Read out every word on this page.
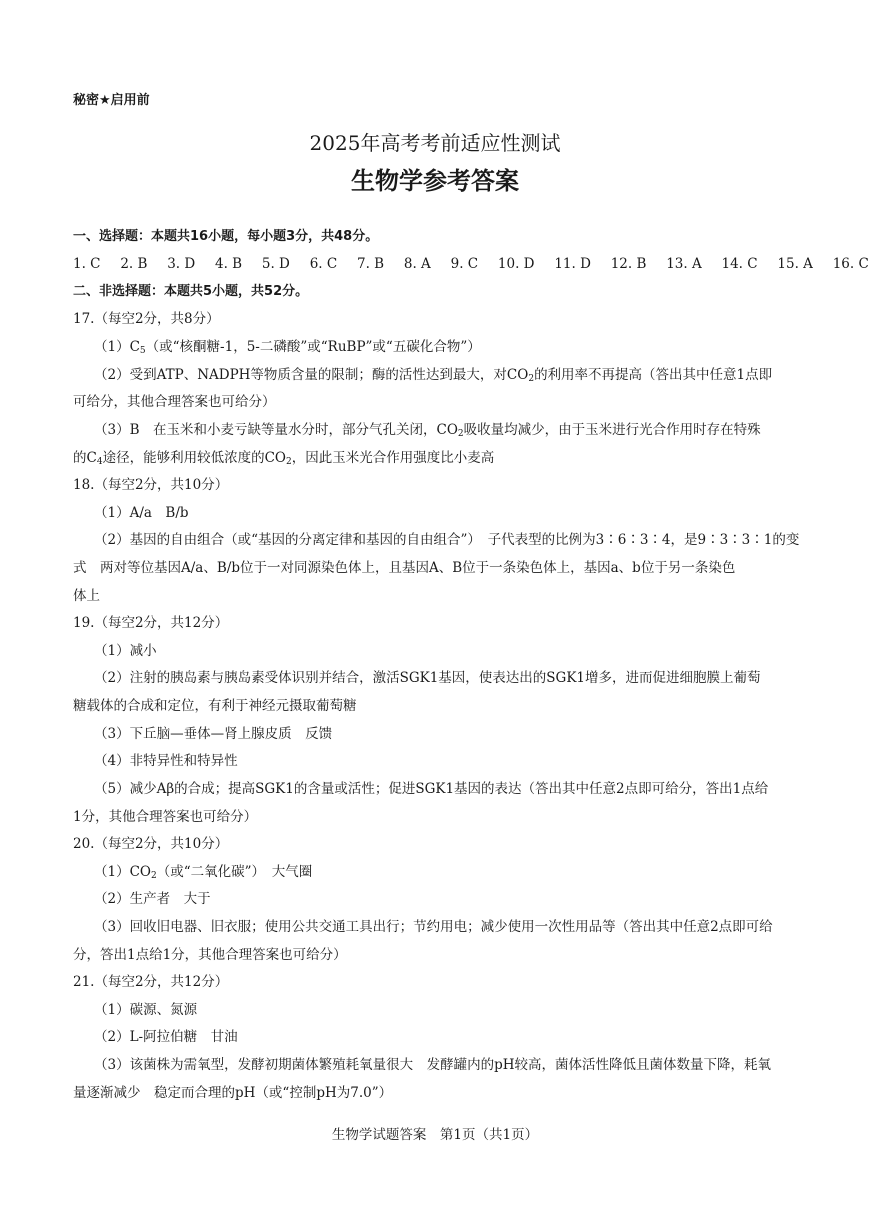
秘密★启用前
2025年高考考前适应性测试
生物学参考答案
一、选择题：本题共16小题，每小题3分，共48分。
1. C 2. B 3. D 4. B 5. D 6. C 7. B 8. A 9. C 10. D 11. D 12. B 13. A 14. C 15. A 16. C
二、非选择题：本题共5小题，共52分。
17.（每空2分，共8分）
$(1)C_5$（或“核酮糖-1，5-二磷酸”或“RuBP”或“五碳化合物”）
（2）受到ATP、NADPH等物质含量的限制；酶的活性达到最大，对$CO_2$的利用率不再提高（答出其中任意1点即
可给分，其他合理答案也可给分）
（3）B　在玉米和小麦亏缺等量水分时，部分气孔关闭，$CO_2$吸收量均减少，由于玉米进行光合作用时存在特殊
的$C_4$途径，能够利用较低浓度的$CO_2$，因此玉米光合作用强度比小麦高
18.（每空2分，共10分）
（1）A/a　B/b
（2）基因的自由组合（或“基因的分离定律和基因的自由组合”）　子代表型的比例为3∶6∶3∶4，是9∶3∶3∶1的变
式　两对等位基因A/a、B/b位于一对同源染色体上，且基因A、B位于一条染色体上，基因a、b位于另一条染色
体上
19.（每空2分，共12分）
（1）减小
（2）注射的胰岛素与胰岛素受体识别并结合，激活SGK1基因，使表达出的SGK1增多，进而促进细胞膜上葡萄
糖载体的合成和定位，有利于神经元摄取葡萄糖
（3）下丘脑—垂体—肾上腺皮质　反馈
（4）非特异性和特异性
（5）减少Aβ的合成；提高SGK1的含量或活性；促进SGK1基因的表达（答出其中任意2点即可给分，答出1点给
1分，其他合理答案也可给分）
20.（每空2分，共10分）
$(1)CO_2$（或“二氧化碳”）　大气圈
（2）生产者　大于
（3）回收旧电器、旧衣服；使用公共交通工具出行；节约用电；减少使用一次性用品等（答出其中任意2点即可给
分，答出1点给1分，其他合理答案也可给分）
21.（每空2分，共12分）
（1）碳源、氮源
（2）L-阿拉伯糖　甘油
（3）该菌株为需氧型，发酵初期菌体繁殖耗氧量很大　发酵罐内的pH较高，菌体活性降低且菌体数量下降，耗氧
量逐渐减少　稳定而合理的pH（或“控制pH为7.0”）
生物学试题答案　第1页（共1页）
